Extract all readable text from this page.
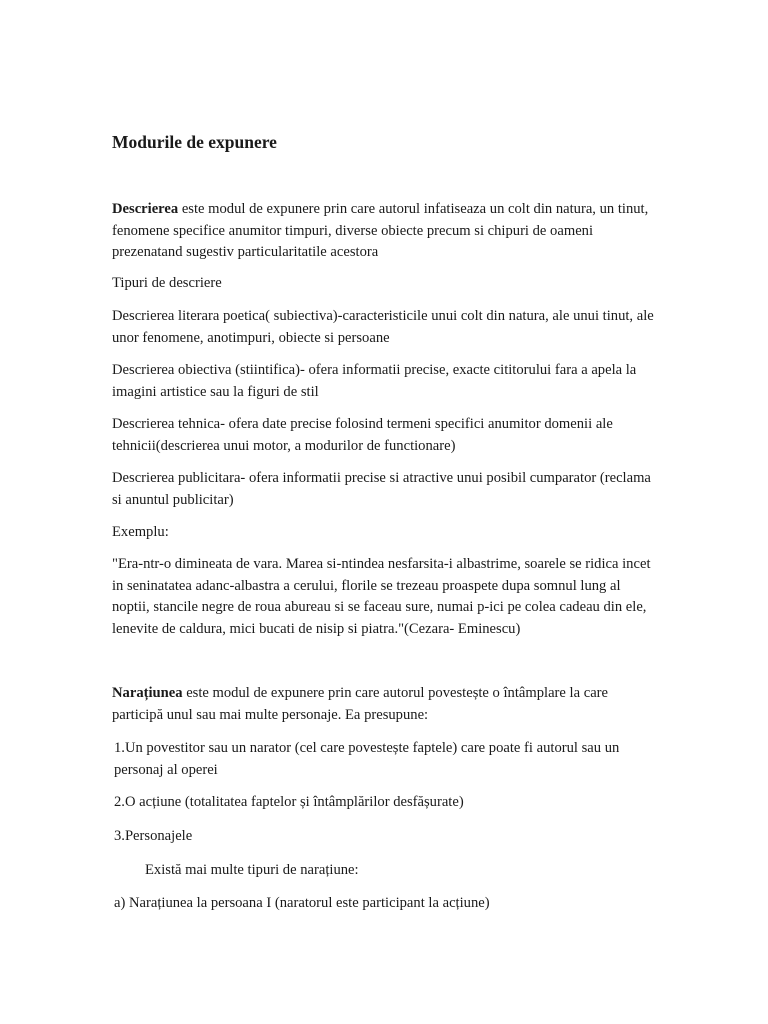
Modurile de expunere

Descrierea este modul de expunere prin care autorul infatiseaza un colt din natura, un tinut, fenomene specifice anumitor timpuri, diverse obiecte precum si chipuri de oameni prezenatand sugestiv particularitatile acestora

Tipuri de descriere

Descrierea literara poetica( subiectiva)-caracteristicile unui colt din natura, ale unui tinut, ale unor fenomene, anotimpuri, obiecte si persoane

Descrierea obiectiva (stiintifica)- ofera informatii precise, exacte cititorului fara a apela la imagini artistice sau la figuri de stil

Descrierea tehnica- ofera date precise folosind termeni specifici anumitor domenii ale tehnicii(descrierea unui motor, a modurilor de functionare)

Descrierea publicitara- ofera informatii precise si atractive unui posibil cumparator (reclama si anuntul publicitar)

Exemplu:

"Era-ntr-o dimineata de vara. Marea si-ntindea nesfarsita-i albastrime, soarele se ridica incet in seninatatea adanc-albastra a cerului, florile se trezeau proaspete dupa somnul lung al noptii, stancile negre de roua abureau si se faceau sure, numai p-ici pe colea cadeau din ele, lenevite de caldura, mici bucati de nisip si piatra."(Cezara- Eminescu)

Narațiunea este modul de expunere prin care autorul povestește o întâmplare la care participă unul sau mai multe personaje. Ea presupune:

1.Un povestitor sau un narator (cel care povestește faptele) care poate fi autorul sau un personaj al operei

2.O acțiune (totalitatea faptelor și întâmplărilor desfășurate)

3.Personajele

Există mai multe tipuri de narațiune:

a) Narațiunea la persoana I (naratorul este participant la acțiune)
